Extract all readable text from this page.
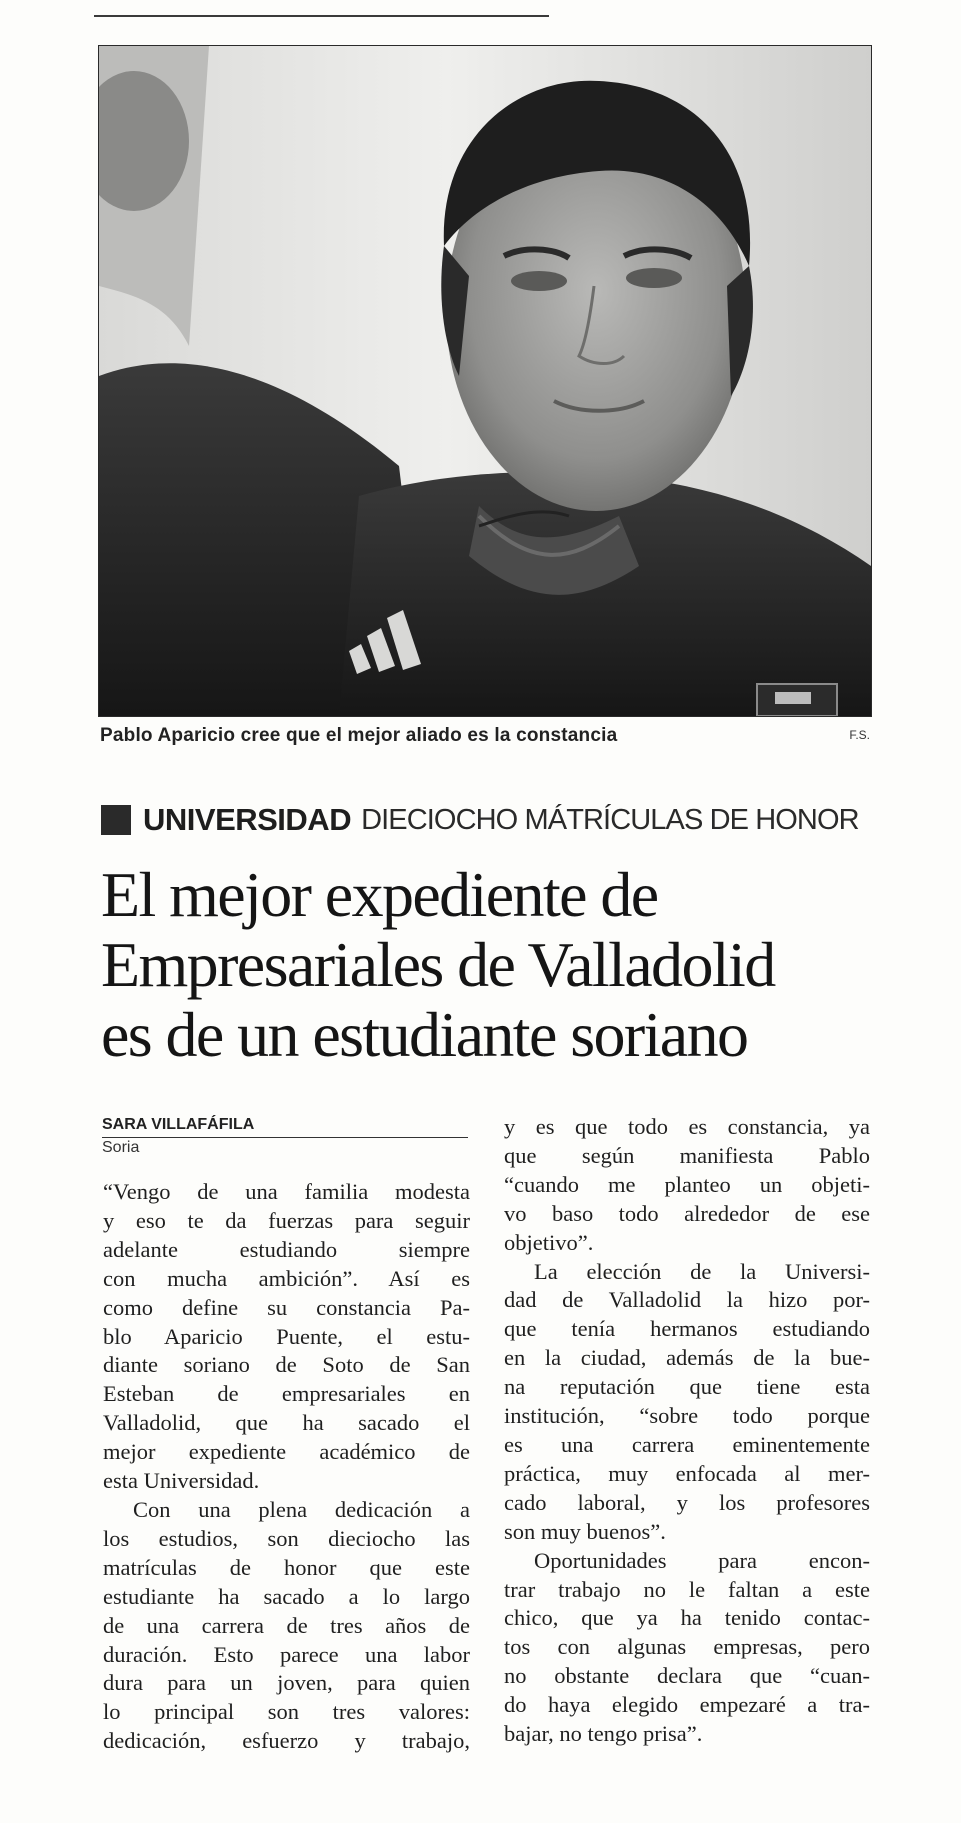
Pablo Aparicio cree que el mejor aliado es la constancia	F.S.
UNIVERSIDAD DIECIOCHO MÁTRÍCULAS DE HONOR
El mejor expediente de
Empresariales de Valladolid
es de un estudiante soriano
SARA VILLAFÁFILA
Soria

“Vengo de una familia modesta
y eso te da fuerzas para seguir
adelante estudiando siempre
con mucha ambición”. Así es
como define su constancia Pa-
blo Aparicio Puente, el estu-
diante soriano de Soto de San
Esteban de empresariales en
Valladolid, que ha sacado el
mejor expediente académico de
esta Universidad.

Con una plena dedicación a
los estudios, son dieciocho las
matrículas de honor que este
estudiante ha sacado a lo largo
de una carrera de tres años de
duración. Esto parece una labor
dura para un joven, para quien
lo principal son tres valores:
dedicación, esfuerzo y trabajo,

y es que todo es constancia, ya
que según manifiesta Pablo
“cuando me planteo un objeti-
vo baso todo alrededor de ese
objetivo”.

La elección de la Universi-
dad de Valladolid la hizo por-
que tenía hermanos estudiando
en la ciudad, además de la bue-
na reputación que tiene esta
institución, “sobre todo porque
es una carrera eminentemente
práctica, muy enfocada al mer-
cado laboral, y los profesores
son muy buenos”.

Oportunidades para encon-
trar trabajo no le faltan a este
chico, que ya ha tenido contac-
tos con algunas empresas, pero
no obstante declara que “cuan-
do haya elegido empezaré a tra-
bajar, no tengo prisa”.
